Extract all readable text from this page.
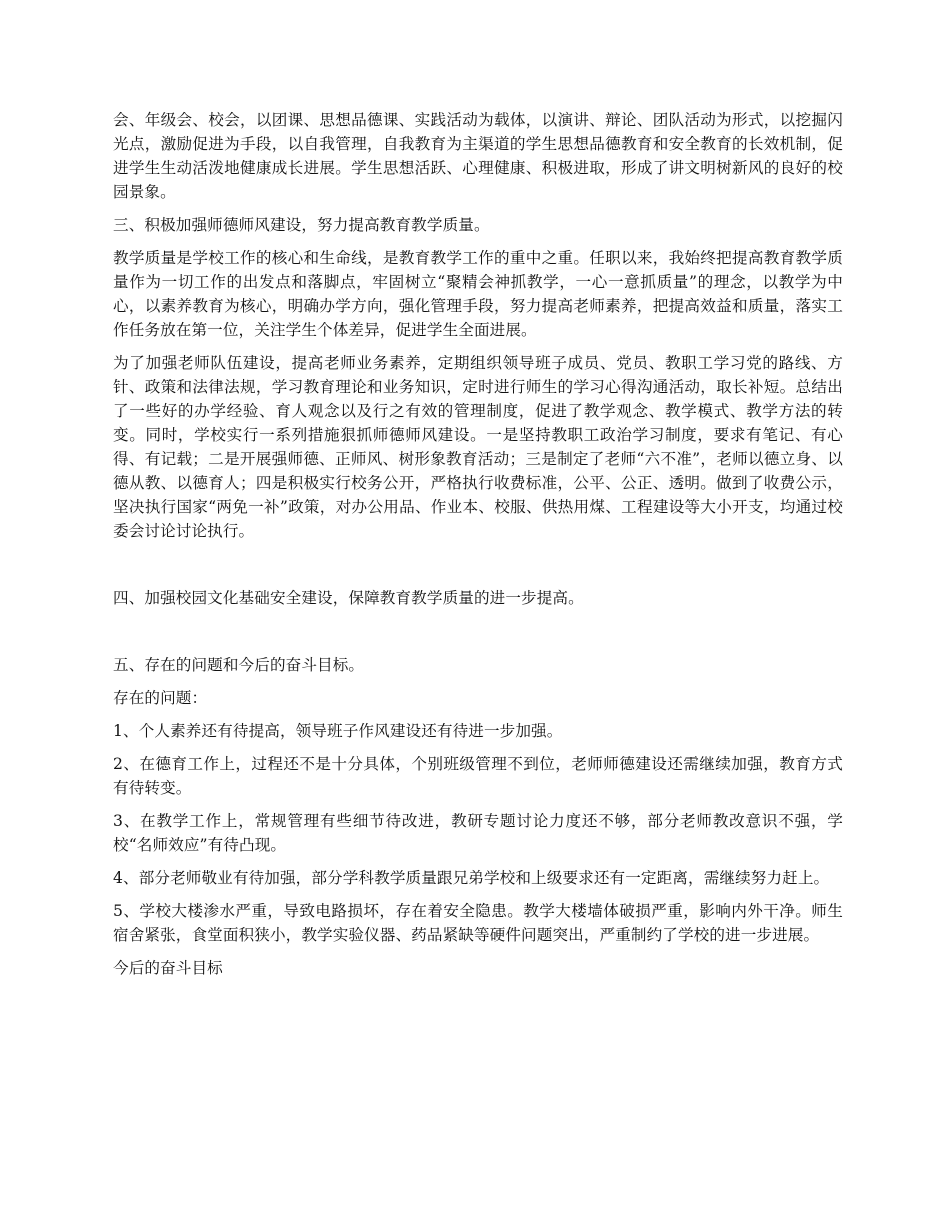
会、年级会、校会，以团课、思想品德课、实践活动为载体，以演讲、辩论、团队活动为形式，以挖掘闪光点，激励促进为手段，以自我管理，自我教育为主渠道的学生思想品德教育和安全教育的长效机制，促进学生生动活泼地健康成长进展。学生思想活跃、心理健康、积极进取，形成了讲文明树新风的良好的校园景象。

三、积极加强师德师风建设，努力提高教育教学质量。

教学质量是学校工作的核心和生命线，是教育教学工作的重中之重。任职以来，我始终把提高教育教学质量作为一切工作的出发点和落脚点，牢固树立“聚精会神抓教学，一心一意抓质量”的理念，以教学为中心，以素养教育为核心，明确办学方向，强化管理手段，努力提高老师素养，把提高效益和质量，落实工作任务放在第一位，关注学生个体差异，促进学生全面进展。

为了加强老师队伍建设，提高老师业务素养，定期组织领导班子成员、党员、教职工学习党的路线、方针、政策和法律法规，学习教育理论和业务知识，定时进行师生的学习心得沟通活动，取长补短。总结出了一些好的办学经验、育人观念以及行之有效的管理制度，促进了教学观念、教学模式、教学方法的转变。同时，学校实行一系列措施狠抓师德师风建设。一是坚持教职工政治学习制度，要求有笔记、有心得、有记载；二是开展强师德、正师风、树形象教育活动；三是制定了老师“六不准”，老师以德立身、以德从教、以德育人；四是积极实行校务公开，严格执行收费标准，公平、公正、透明。做到了收费公示，坚决执行国家“两免一补”政策，对办公用品、作业本、校服、供热用煤、工程建设等大小开支，均通过校委会讨论讨论执行。

四、加强校园文化基础安全建设，保障教育教学质量的进一步提高。

五、存在的问题和今后的奋斗目标。

存在的问题：

1、个人素养还有待提高，领导班子作风建设还有待进一步加强。

2、在德育工作上，过程还不是十分具体，个别班级管理不到位，老师师德建设还需继续加强，教育方式有待转变。

3、在教学工作上，常规管理有些细节待改进，教研专题讨论力度还不够，部分老师教改意识不强，学校“名师效应”有待凸现。

4、部分老师敬业有待加强，部分学科教学质量跟兄弟学校和上级要求还有一定距离，需继续努力赶上。

5、学校大楼渗水严重，导致电路损坏，存在着安全隐患。教学大楼墙体破损严重，影响内外干净。师生宿舍紧张，食堂面积狭小，教学实验仪器、药品紧缺等硬件问题突出，严重制约了学校的进一步进展。

今后的奋斗目标
